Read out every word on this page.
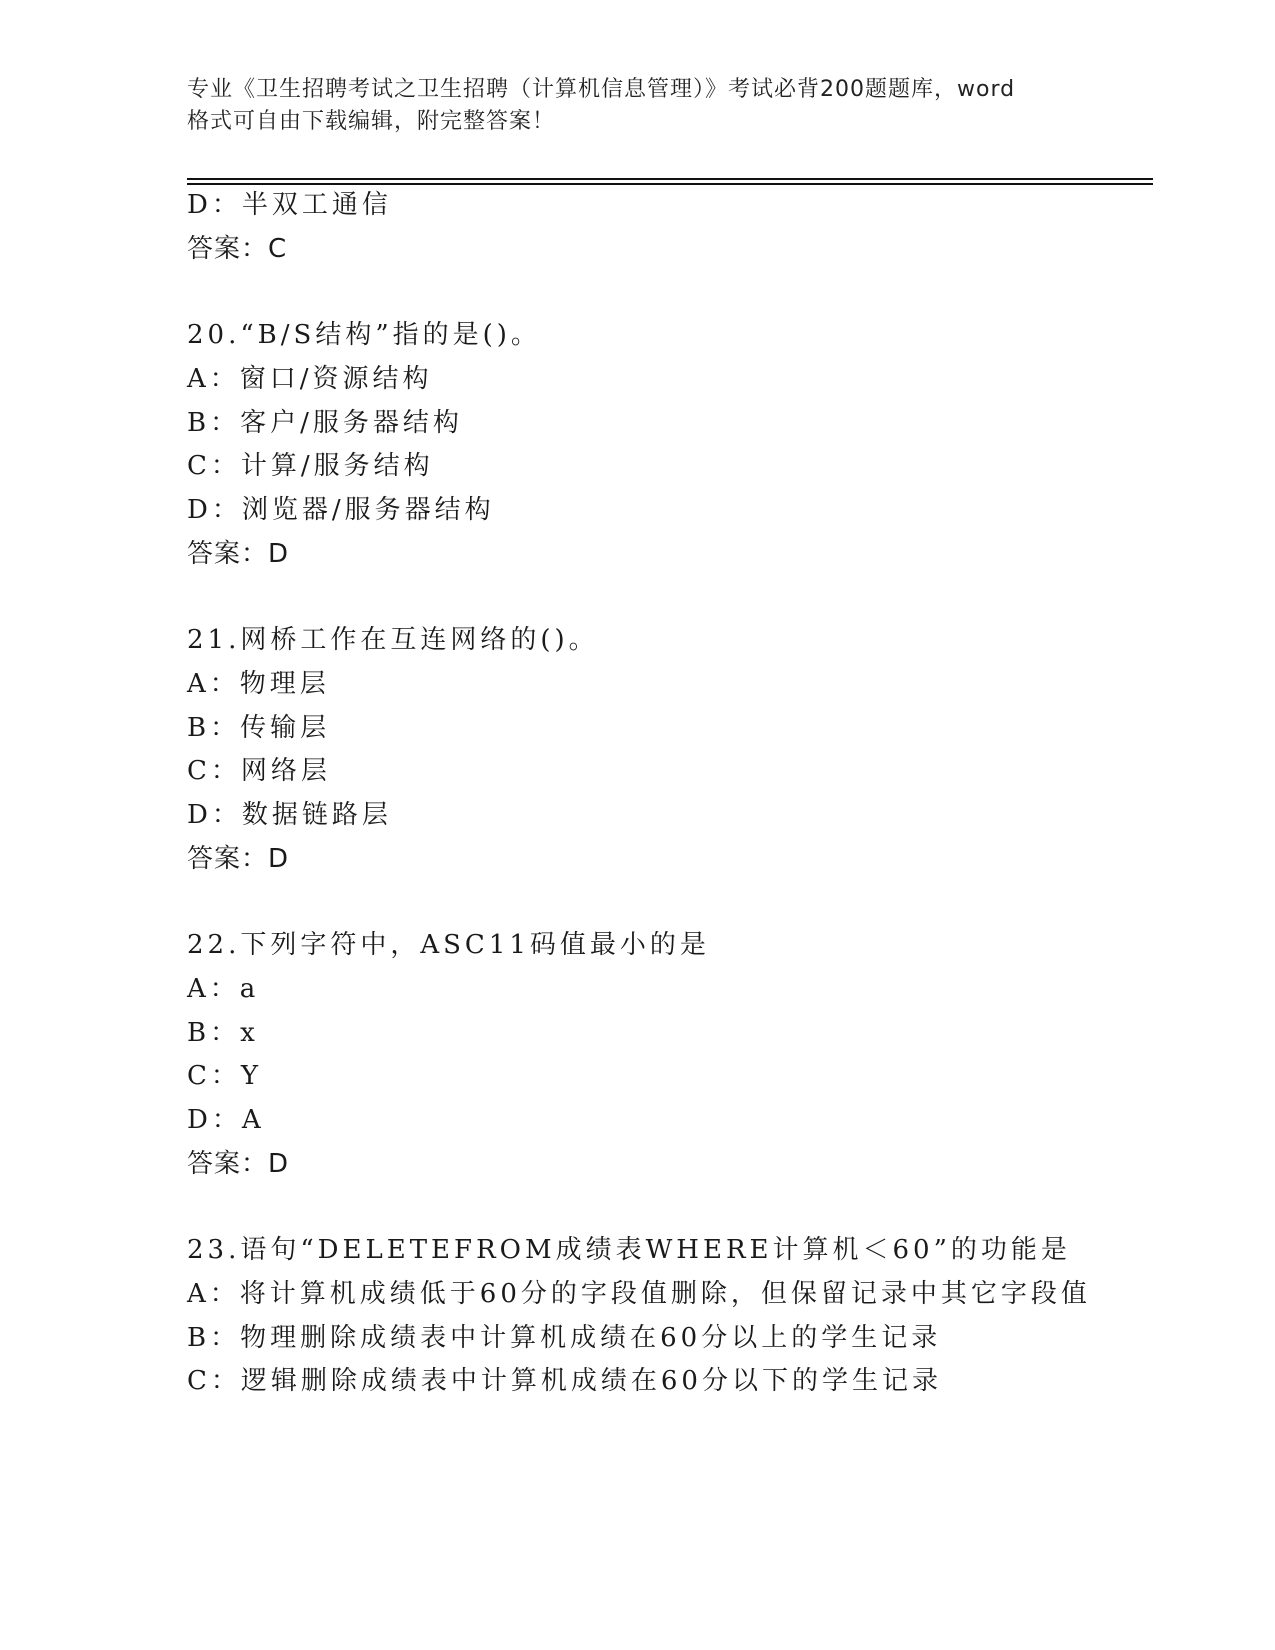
专业《卫生招聘考试之卫生招聘（计算机信息管理）》考试必背200题题库，word
格式可自由下载编辑，附完整答案！
D：半双工通信
答案：C
20.“B/S结构”指的是()。
A：窗口/资源结构
B：客户/服务器结构
C：计算/服务结构
D：浏览器/服务器结构
答案：D
21.网桥工作在互连网络的()。
A：物理层
B：传输层
C：网络层
D：数据链路层
答案：D
22.下列字符中，ASC11码值最小的是
A：a
B：x
C：Y
D：A
答案：D
23.语句“DELETEFROM成绩表WHERE计算机＜60”的功能是
A：将计算机成绩低于60分的字段值删除，但保留记录中其它字段值
B：物理删除成绩表中计算机成绩在60分以上的学生记录
C：逻辑删除成绩表中计算机成绩在60分以下的学生记录
